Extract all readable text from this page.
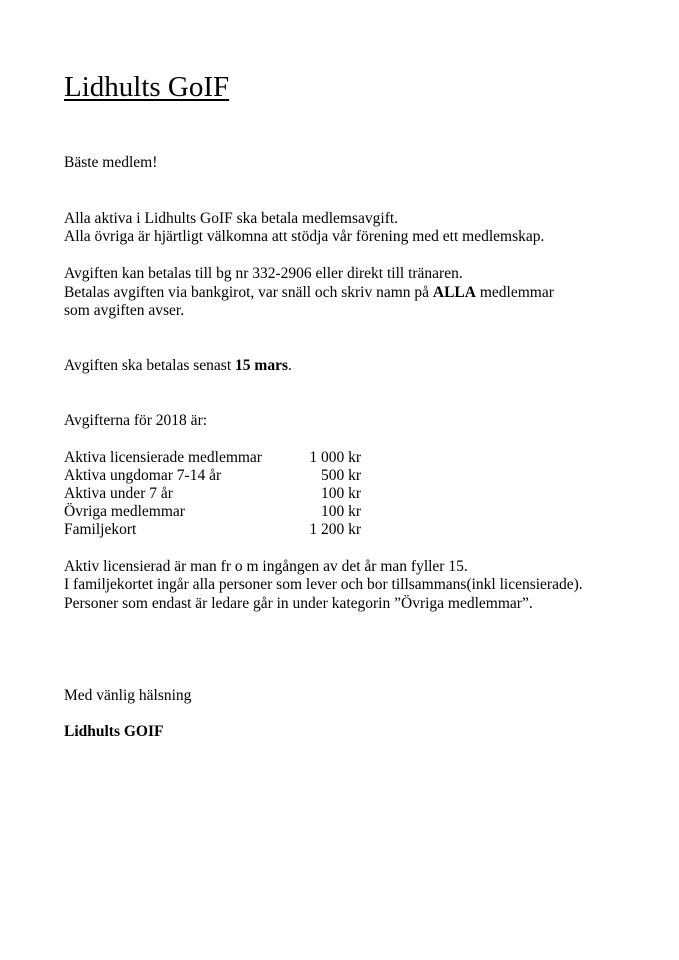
Lidhults GoIF
Bäste medlem!
Alla aktiva i Lidhults GoIF ska betala medlemsavgift.
Alla övriga är hjärtligt välkomna att stödja vår förening med ett medlemskap.
Avgiften kan betalas till bg nr 332-2906 eller direkt till tränaren.
Betalas avgiften via bankgirot, var snäll och skriv namn på ALLA medlemmar
som avgiften avser.
Avgiften ska betalas senast 15 mars.
Avgifterna för 2018 är:
Aktiva licensierade medlemmar	1 000 kr
Aktiva ungdomar 7-14 år	500 kr
Aktiva under 7 år	100 kr
Övriga medlemmar	100 kr
Familjekort	1 200 kr
Aktiv licensierad är man fr o m ingången av det år man fyller 15.
I familjekortet ingår alla personer som lever och bor tillsammans(inkl licensierade).
Personer som endast är ledare går in under kategorin ”Övriga medlemmar”.
Med vänlig hälsning
Lidhults GOIF
